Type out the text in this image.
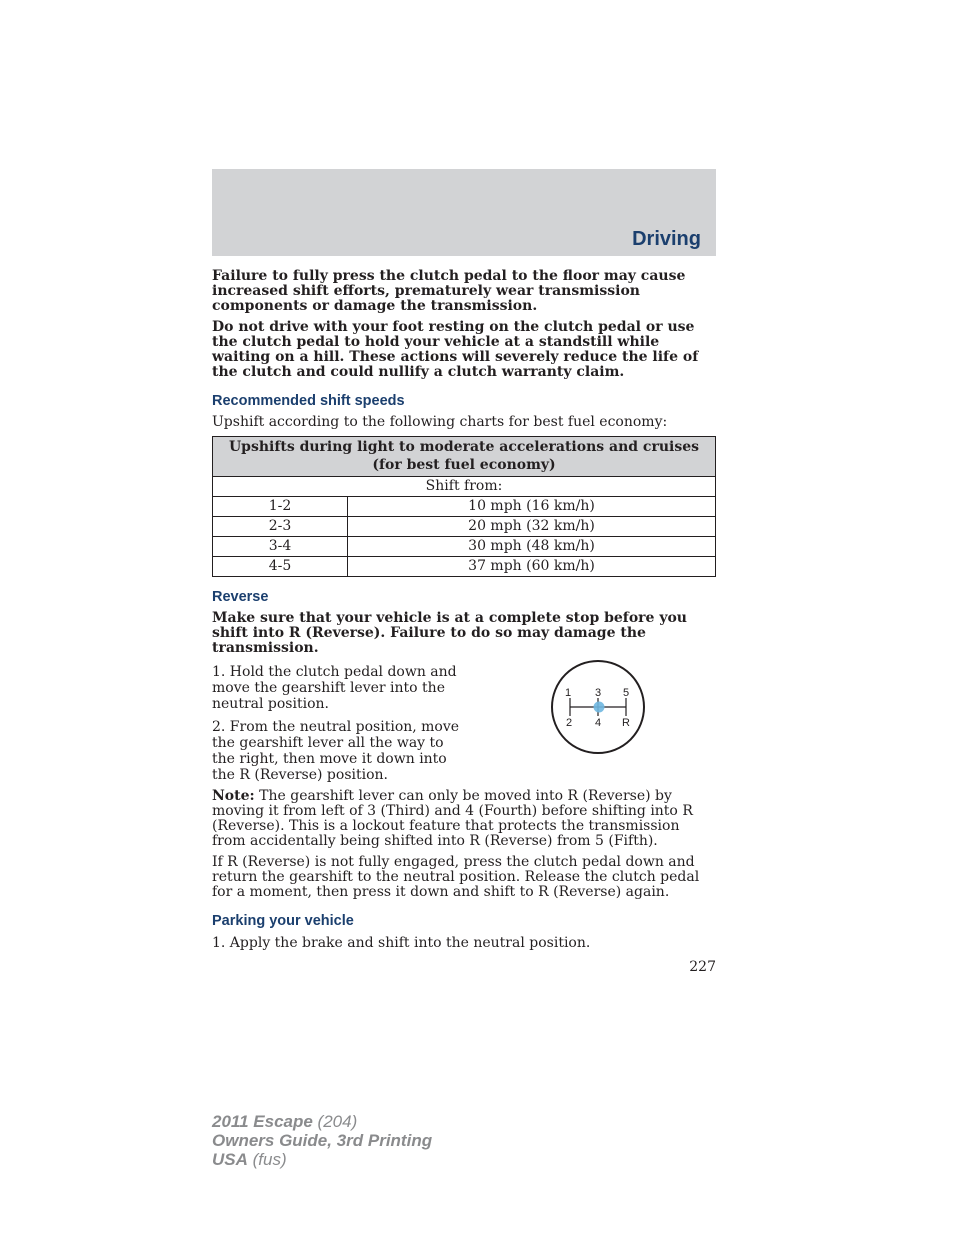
Driving

Failure to fully press the clutch pedal to the floor may cause increased shift efforts, prematurely wear transmission components or damage the transmission.

Do not drive with your foot resting on the clutch pedal or use the clutch pedal to hold your vehicle at a standstill while waiting on a hill. These actions will severely reduce the life of the clutch and could nullify a clutch warranty claim.

Recommended shift speeds

Upshift according to the following charts for best fuel economy:

Upshifts during light to moderate accelerations and cruises (for best fuel economy)	
Shift from:	
1-2	10 mph (16 km/h)
2-3	20 mph (32 km/h)
3-4	30 mph (48 km/h)
4-5	37 mph (60 km/h)
Reverse

Make sure that your vehicle is at a complete stop before you shift into R (Reverse). Failure to do so may damage the transmission.

1. Hold the clutch pedal down and move the gearshift lever into the neutral position.

2. From the neutral position, move the gearshift lever all the way to the right, then move it down into the R (Reverse) position.

1 3 5
2 4 R

Note: The gearshift lever can only be moved into R (Reverse) by moving it from left of 3 (Third) and 4 (Fourth) before shifting into R (Reverse). This is a lockout feature that protects the transmission from accidentally being shifted into R (Reverse) from 5 (Fifth).

If R (Reverse) is not fully engaged, press the clutch pedal down and return the gearshift to the neutral position. Release the clutch pedal for a moment, then press it down and shift to R (Reverse) again.

Parking your vehicle

1. Apply the brake and shift into the neutral position.

227
2011 Escape (204)
Owners Guide, 3rd Printing
USA (fus)
